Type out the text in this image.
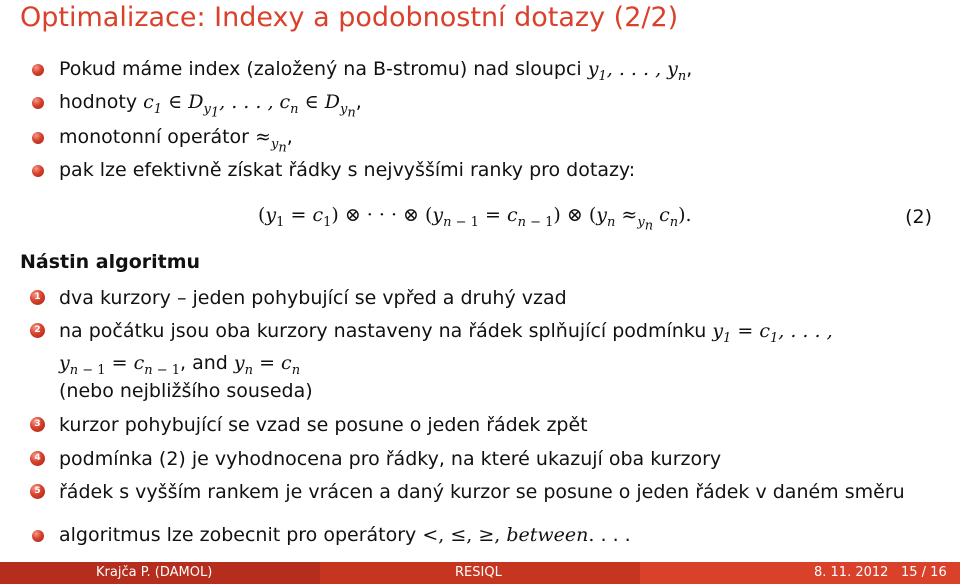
Optimalizace: Indexy a podobnostní dotazy (2/2)
Pokud máme index (založený na B-stromu) nad sloupci $y_1$, . . . , $y_n$,
hodnoty $c_1$ ∈ $D_{y_1}$, . . . , $c_n$ ∈ $D_{y_n}$,
monotonní operátor $\approx_{y_n}$,
pak lze efektivně získat řádky s nejvyššími ranky pro dotazy:
$(y_1 = c_1)$ ⊗ · · · ⊗ $(y_{n - 1} = c_{n - 1})$ ⊗ ($y_n \approx_{y_n}$ $c_n$).	(2)
Nástin algoritmu
1 dva kurzory – jeden pohybující se vpřed a druhý vzad
2 na počátku jsou oba kurzory nastaveny na řádek splňující podmínku $y_1 = c_1$, . . . ,
$y_n$ $_{- 1} = c_n$ $_{- 1}$, and $y_n = c_n$
(nebo nejbližšího souseda)
3 kurzor pohybující se vzad se posune o jeden řádek zpět
4 podmínka (2) je vyhodnocena pro řádky, na které ukazují oba kurzory
5 řádek s vyšším rankem je vrácen a daný kurzor se posune o jeden řádek v daném směru
algoritmus lze zobecnit pro operátory <, ≤, ≥, between. . . .
Krajča P. (DAMOL)	RESIQL	8. 11. 2012 15 / 16
